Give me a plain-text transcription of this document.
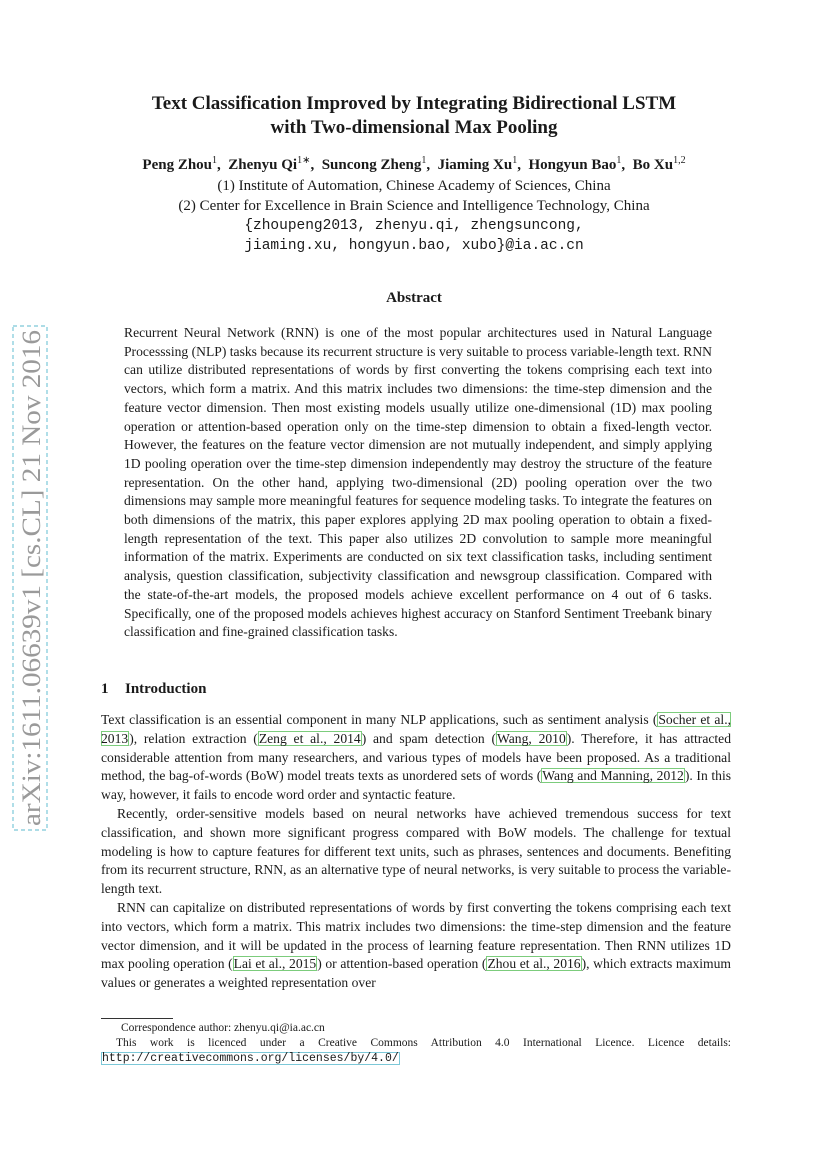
arXiv:1611.06639v1 [cs.CL] 21 Nov 2016
Text Classification Improved by Integrating Bidirectional LSTM
with Two-dimensional Max Pooling
Peng Zhou$^1$,  Zhenyu $Qi^{1∗}$,  Suncong Zheng$^1$,  Jiaming Xu$^1$,  Hongyun Bao$^1$,  Bo Xu$^{1,2}$
(1) Institute of Automation, Chinese Academy of Sciences, China
(2) Center for Excellence in Brain Science and Intelligence Technology, China
{zhoupeng2013, zhenyu.qi, zhengsuncong,
jiaming.xu, hongyun.bao, xubo}@ia.ac.cn
Abstract
Recurrent Neural Network (RNN) is one of the most popular architectures used in Natural Language Processsing (NLP) tasks because its recurrent structure is very suitable to process variable-length text. RNN can utilize distributed representations of words by first converting the tokens comprising each text into vectors, which form a matrix. And this matrix includes two dimensions: the time-step dimension and the feature vector dimension. Then most existing models usually utilize one-dimensional (1D) max pooling operation or attention-based operation only on the time-step dimension to obtain a fixed-length vector. However, the features on the feature vector dimension are not mutually independent, and simply applying 1D pooling operation over the time-step dimension independently may destroy the structure of the feature representation. On the other hand, applying two-dimensional (2D) pooling operation over the two dimensions may sample more meaningful features for sequence modeling tasks. To integrate the features on both dimensions of the matrix, this paper explores applying 2D max pooling operation to obtain a fixed-length representation of the text. This paper also utilizes 2D convolution to sample more meaningful information of the matrix. Experiments are conducted on six text classification tasks, including sentiment analysis, question classification, subjectivity classification and newsgroup classification. Compared with the state-of-the-art models, the proposed models achieve excellent performance on 4 out of 6 tasks. Specifically, one of the proposed models achieves highest accuracy on Stanford Sentiment Treebank binary classification and fine-grained classification tasks.
1 Introduction

Text classification is an essential component in many NLP applications, such as sentiment analysis (Socher et al., 2013), relation extraction (Zeng et al., 2014) and spam detection (Wang, 2010). Therefore, it has attracted considerable attention from many researchers, and various types of models have been proposed. As a traditional method, the bag-of-words (BoW) model treats texts as unordered sets of words (Wang and Manning, 2012). In this way, however, it fails to encode word order and syntactic feature.

Recently, order-sensitive models based on neural networks have achieved tremendous success for text classification, and shown more significant progress compared with BoW models. The challenge for textual modeling is how to capture features for different text units, such as phrases, sentences and documents. Benefiting from its recurrent structure, RNN, as an alternative type of neural networks, is very suitable to process the variable-length text.

RNN can capitalize on distributed representations of words by first converting the tokens comprising each text into vectors, which form a matrix. This matrix includes two dimensions: the time-step dimension and the feature vector dimension, and it will be updated in the process of learning feature representation. Then RNN utilizes 1D max pooling operation (Lai et al., 2015) or attention-based operation (Zhou et al., 2016), which extracts maximum values or generates a weighted representation over

Correspondence author: zhenyu.qi@ia.ac.cn
This work is licenced under a Creative Commons Attribution 4.0 International Licence. Licence details:
http://creativecommons.org/licenses/by/4.0/
